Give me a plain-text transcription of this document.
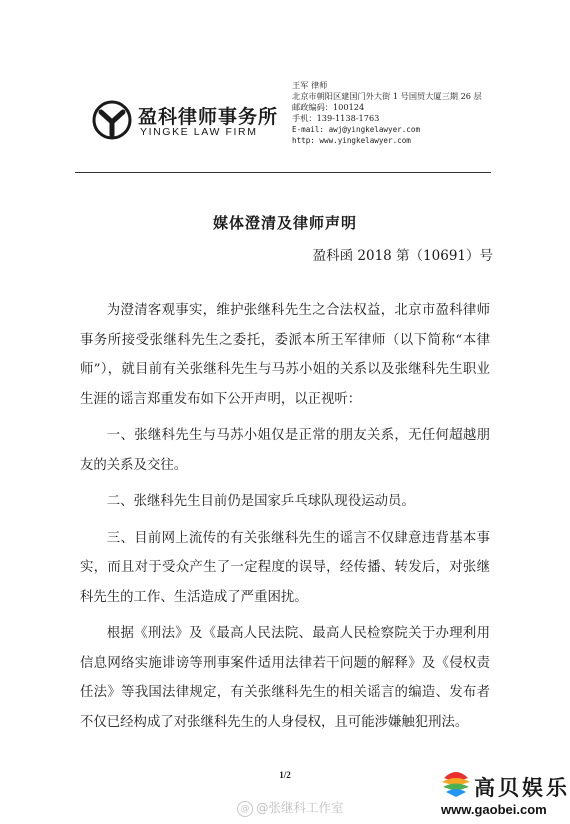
盈科律师事务所
YINGKE LAW FIRM
王军 律师
北京市朝阳区建国门外大街 1 号国贸大厦三期 26 层
邮政编码：100124
手机：139-1138-1763
E-mail: awj@yingkelawyer.com
http: www.yingkelawyer.com
媒体澄清及律师声明
盈科函 2018 第（10691）号

为澄清客观事实，维护张继科先生之合法权益，北京市盈科律师事务所接受张继科先生之委托，委派本所王军律师（以下简称“本律师”），就目前有关张继科先生与马苏小姐的关系以及张继科先生职业生涯的谣言郑重发布如下公开声明，以正视听：

一、张继科先生与马苏小姐仅是正常的朋友关系，无任何超越朋友的关系及交往。

二、张继科先生目前仍是国家乒乓球队现役运动员。

三、目前网上流传的有关张继科先生的谣言不仅肆意违背基本事实，而且对于受众产生了一定程度的误导，经传播、转发后，对张继科先生的工作、生活造成了严重困扰。

根据《刑法》及《最高人民法院、最高人民检察院关于办理利用信息网络实施诽谤等刑事案件适用法律若干问题的解释》及《侵权责任法》等我国法律规定，有关张继科先生的相关谣言的编造、发布者不仅已经构成了对张继科先生的人身侵权，且可能涉嫌触犯刑法。

1/2
@ @张继科工作室
高贝娱乐
www.gaobei.com
